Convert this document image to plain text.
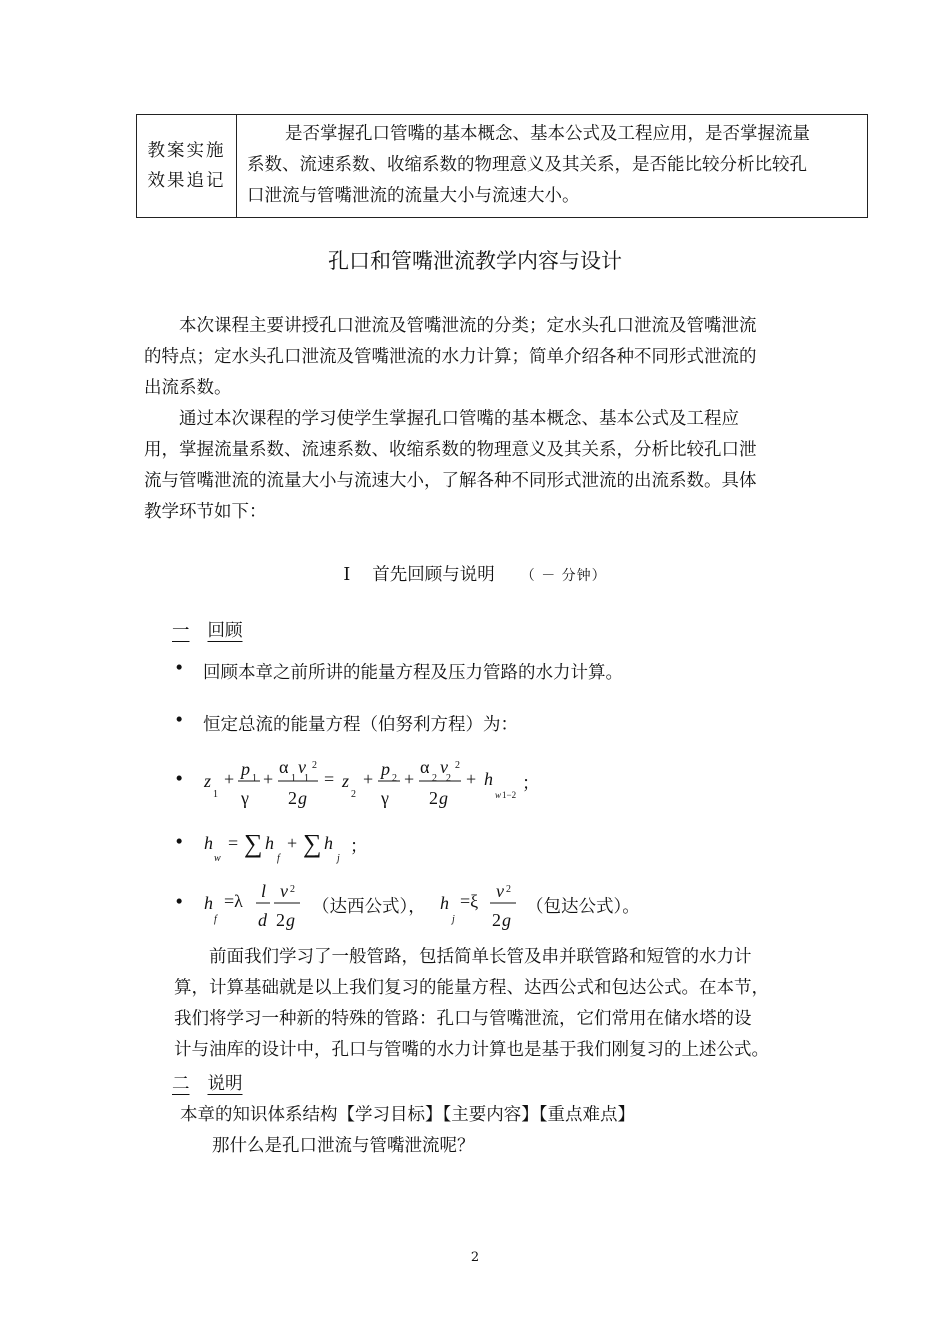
教案实施
效果追记
是否掌握孔口管嘴的基本概念、基本公式及工程应用，是否掌握流量
系数、流速系数、收缩系数的物理意义及其关系，是否能比较分析比较孔
口泄流与管嘴泄流的流量大小与流速大小。
孔口和管嘴泄流教学内容与设计
本次课程主要讲授孔口泄流及管嘴泄流的分类；定水头孔口泄流及管嘴泄流
的特点；定水头孔口泄流及管嘴泄流的水力计算；简单介绍各种不同形式泄流的
出流系数。
通过本次课程的学习使学生掌握孔口管嘴的基本概念、基本公式及工程应
用，掌握流量系数、流速系数、收缩系数的物理意义及其关系，分析比较孔口泄
流与管嘴泄流的流量大小与流速大小，了解各种不同形式泄流的出流系数。具体
教学环节如下：
I 首先回顾与说明 （ － 分钟）
一 回顾
• 回顾本章之前所讲的能量方程及压力管路的水力计算。
• 恒定总流的能量方程（伯努利方程）为：
• z
1
+ p 1
γ
+
α v 2
1 1
2 g
= z
2
+ p 2
γ
+
α v 2
2 2
2 g
+ h
w 1−2
；
• h
w
= ∑ h
f
+ ∑ h
j
；
• h
f
=λ l
d
v 2
2 g
（达西公式）， h
j
=ξ v 2
2 g
（包达公式）。
前面我们学习了一般管路，包括简单长管及串并联管路和短管的水力计
算，计算基础就是以上我们复习的能量方程、达西公式和包达公式。在本节，
我们将学习一种新的特殊的管路：孔口与管嘴泄流，它们常用在储水塔的设
计与油库的设计中，孔口与管嘴的水力计算也是基于我们刚复习的上述公式。
二 说明
本章的知识体系结构【学习目标】【主要内容】【重点难点】
那什么是孔口泄流与管嘴泄流呢？
2
